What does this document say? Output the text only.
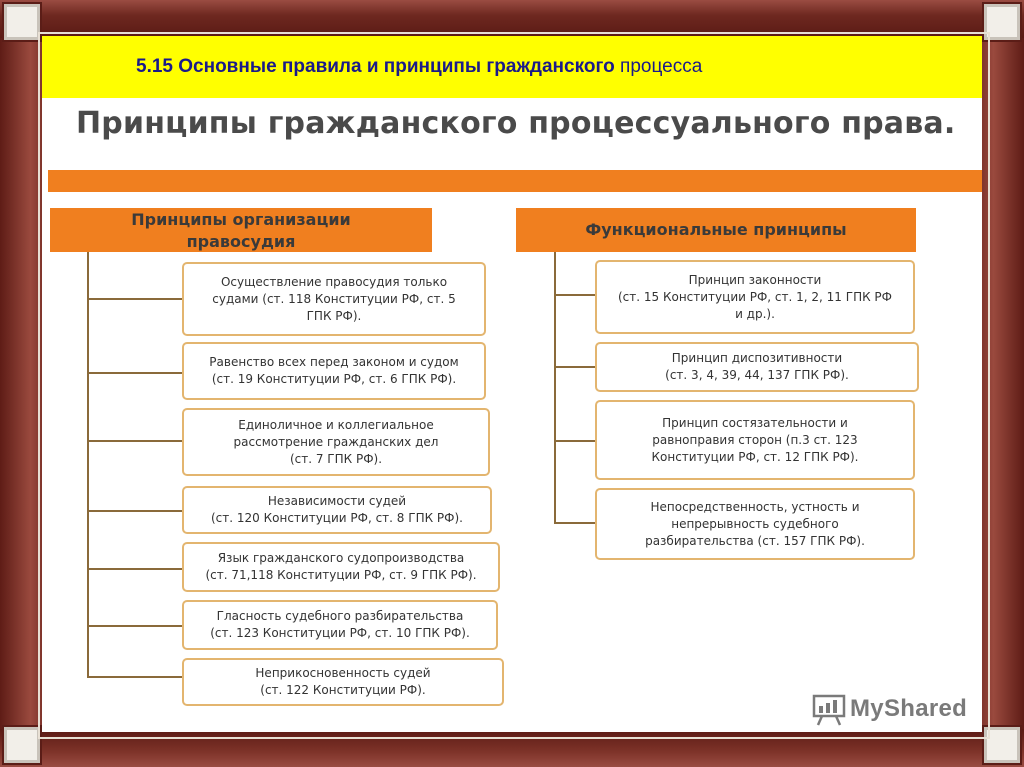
5.15 Основные правила и принципы гражданского процесса
Принципы гражданского процессуального права.
Принципы организации
правосудия
Функциональные принципы
Осуществление правосудия только
судами (ст. 118 Конституции РФ, ст. 5
ГПК РФ).
Равенство всех перед законом и судом
(ст. 19 Конституции РФ, ст. 6 ГПК РФ).
Единоличное и коллегиальное
рассмотрение гражданских дел
(ст. 7 ГПК РФ).
Независимости судей
(ст. 120 Конституции РФ, ст. 8 ГПК РФ).
Язык гражданского судопроизводства
(ст. 71,118 Конституции РФ, ст. 9 ГПК РФ).
Гласность судебного разбирательства
(ст. 123 Конституции РФ, ст. 10 ГПК РФ).
Неприкосновенность судей
(ст. 122 Конституции РФ).
Принцип законности
(ст. 15 Конституции РФ, ст. 1, 2, 11 ГПК РФ
и др.).
Принцип диспозитивности
(ст. 3, 4, 39, 44, 137 ГПК РФ).
Принцип состязательности и
равноправия сторон (п.3 ст. 123
Конституции РФ, ст. 12 ГПК РФ).
Непосредственность, устность и
непрерывность судебного
разбирательства (ст. 157 ГПК РФ).
MyShared
